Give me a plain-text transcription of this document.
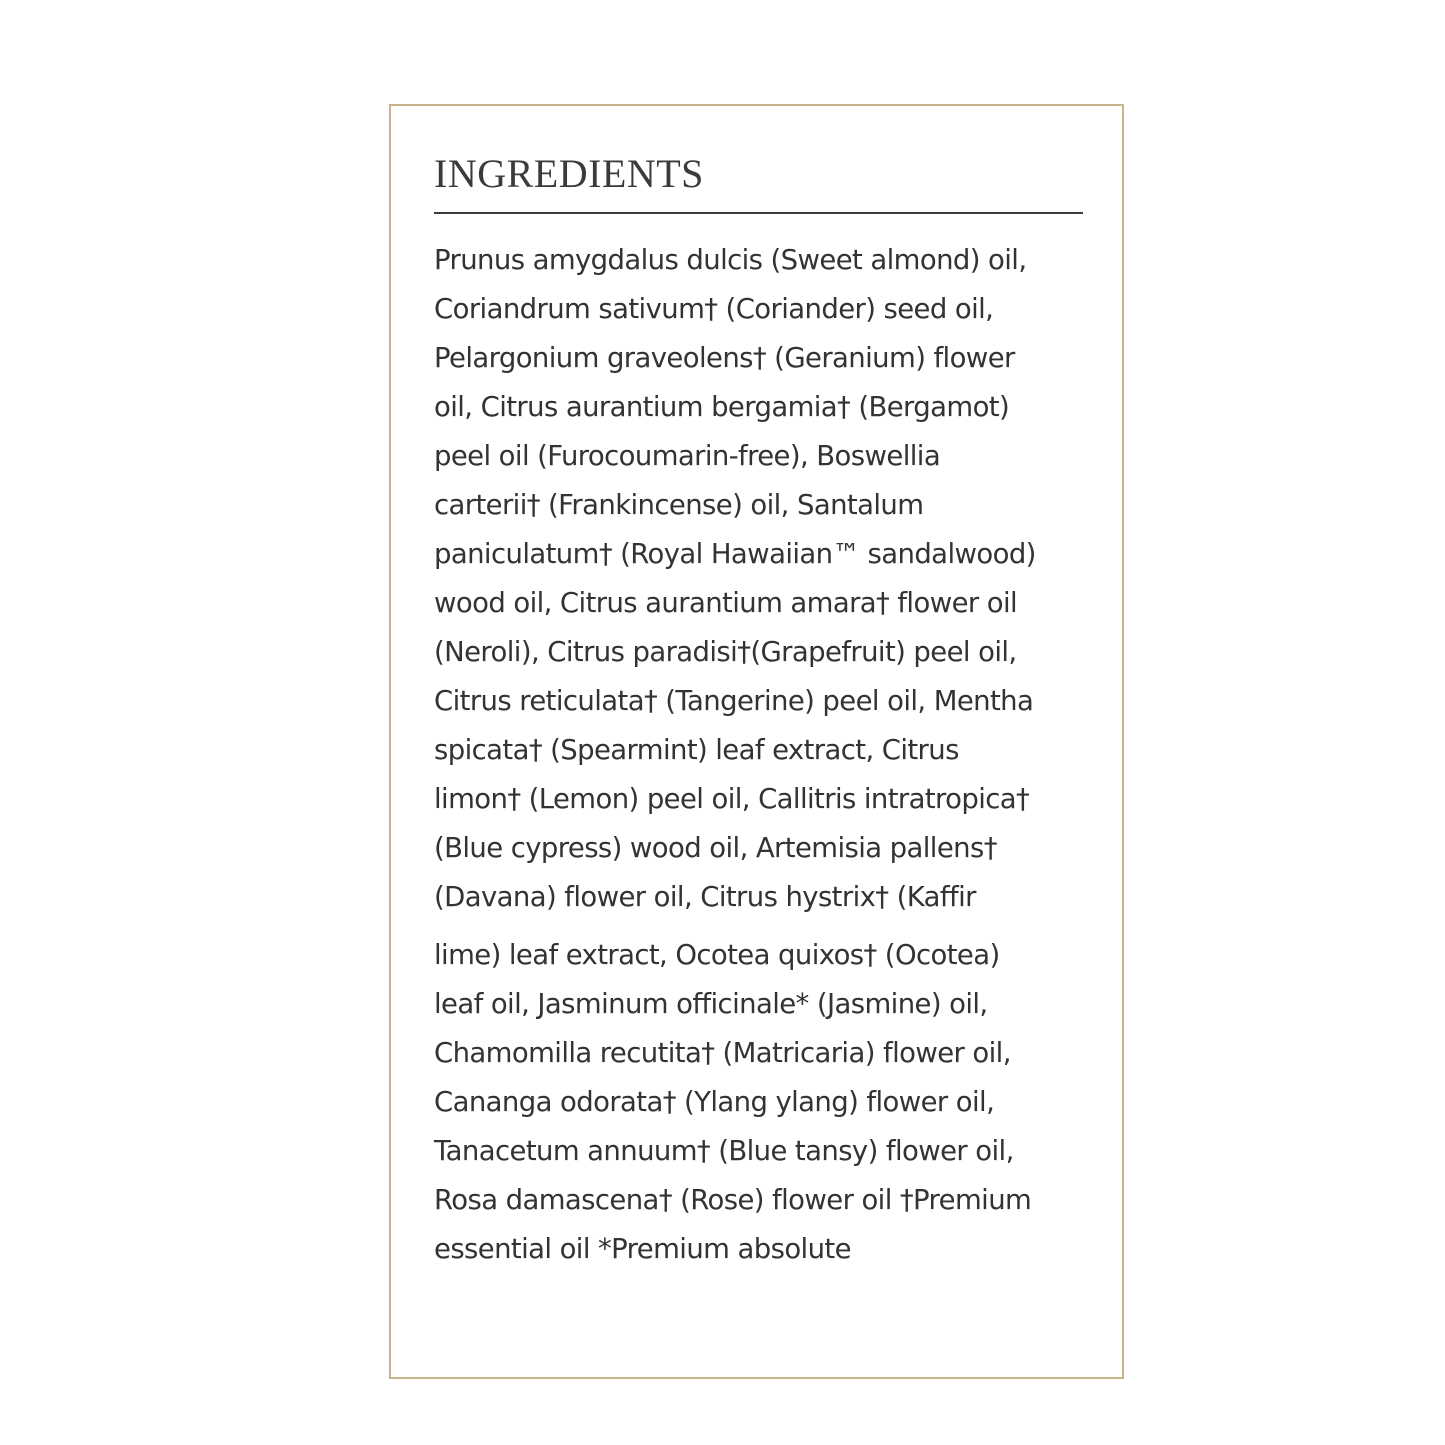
INGREDIENTS

Prunus amygdalus dulcis (Sweet almond) oil,
Coriandrum sativum† (Coriander) seed oil,
Pelargonium graveolens† (Geranium) flower
oil, Citrus aurantium bergamia† (Bergamot)
peel oil (Furocoumarin-free), Boswellia
carterii† (Frankincense) oil, Santalum
paniculatum† (Royal Hawaiian™ sandalwood)
wood oil, Citrus aurantium amara† flower oil
(Neroli), Citrus paradisi†(Grapefruit) peel oil,
Citrus reticulata† (Tangerine) peel oil, Mentha
spicata† (Spearmint) leaf extract, Citrus
limon† (Lemon) peel oil, Callitris intratropica†
(Blue cypress) wood oil, Artemisia pallens†
(Davana) flower oil, Citrus hystrix† (Kaffir
lime) leaf extract, Ocotea quixos† (Ocotea)
leaf oil, Jasminum officinale* (Jasmine) oil,
Chamomilla recutita† (Matricaria) flower oil,
Cananga odorata† (Ylang ylang) flower oil,
Tanacetum annuum† (Blue tansy) flower oil,
Rosa damascena† (Rose) flower oil †Premium
essential oil *Premium absolute
